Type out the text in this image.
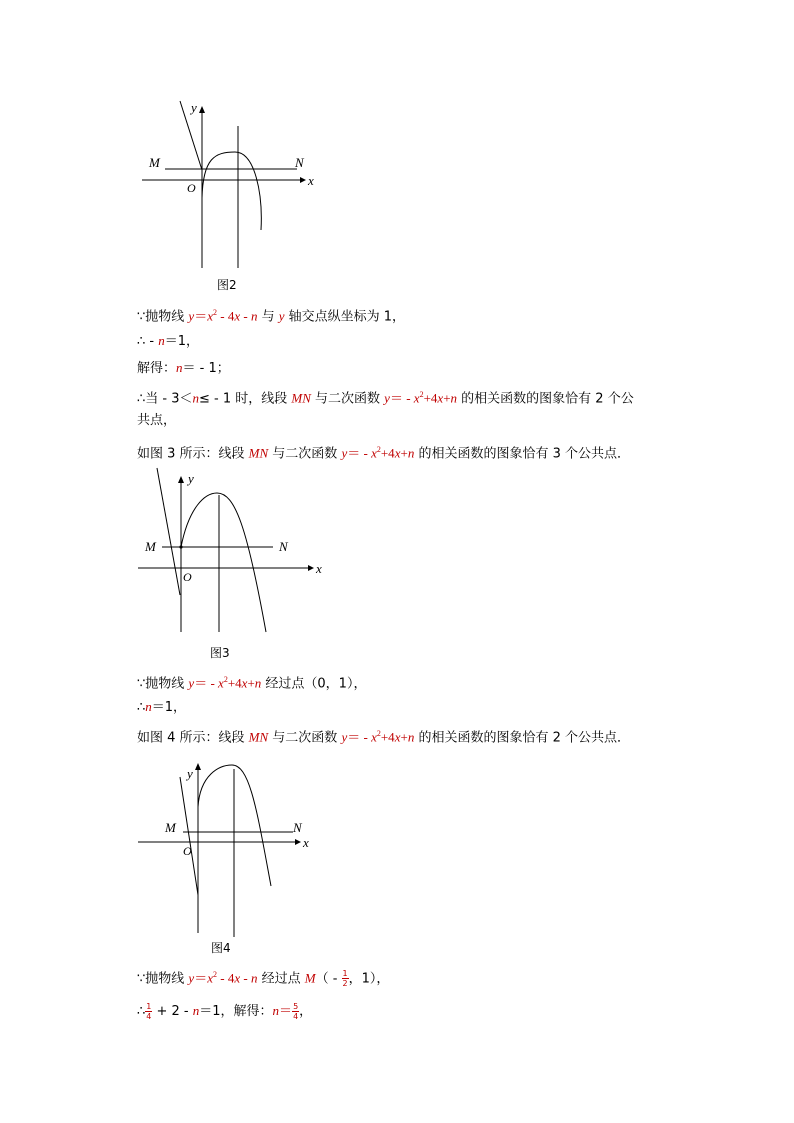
y
x
M	N
O
图2
∵抛物线 $y=x^2 - 4x - n$ 与 y 轴交点纵坐标为 1，
∴ - n＝1，
解得：n＝ - 1；
∴当 - 3＜n≤ - 1 时，线段 MN 与二次函数 $y= - x^2+4x+n$ 的相关函数的图象恰有 2 个公
共点，
如图 3 所示：线段 MN 与二次函数 $y= - x^2+4x+n$ 的相关函数的图象恰有 3 个公共点．
y
x
M	N
O
图3
∵抛物线 $y= - x^2+4x+n$ 经过点（0，1），
∴n＝1，
如图 4 所示：线段 MN 与二次函数 $y= - x^2+4x+n$ 的相关函数的图象恰有 2 个公共点．
y
x
M	N
O
图4
∵抛物线 $y=x^2 - 4x - n$ 经过点 $M( - \frac{1}{2}$ ，1），
∴ $\frac{1}{4} + 2 - n=1$，解得：$n= \frac{5}{4}$ ，
